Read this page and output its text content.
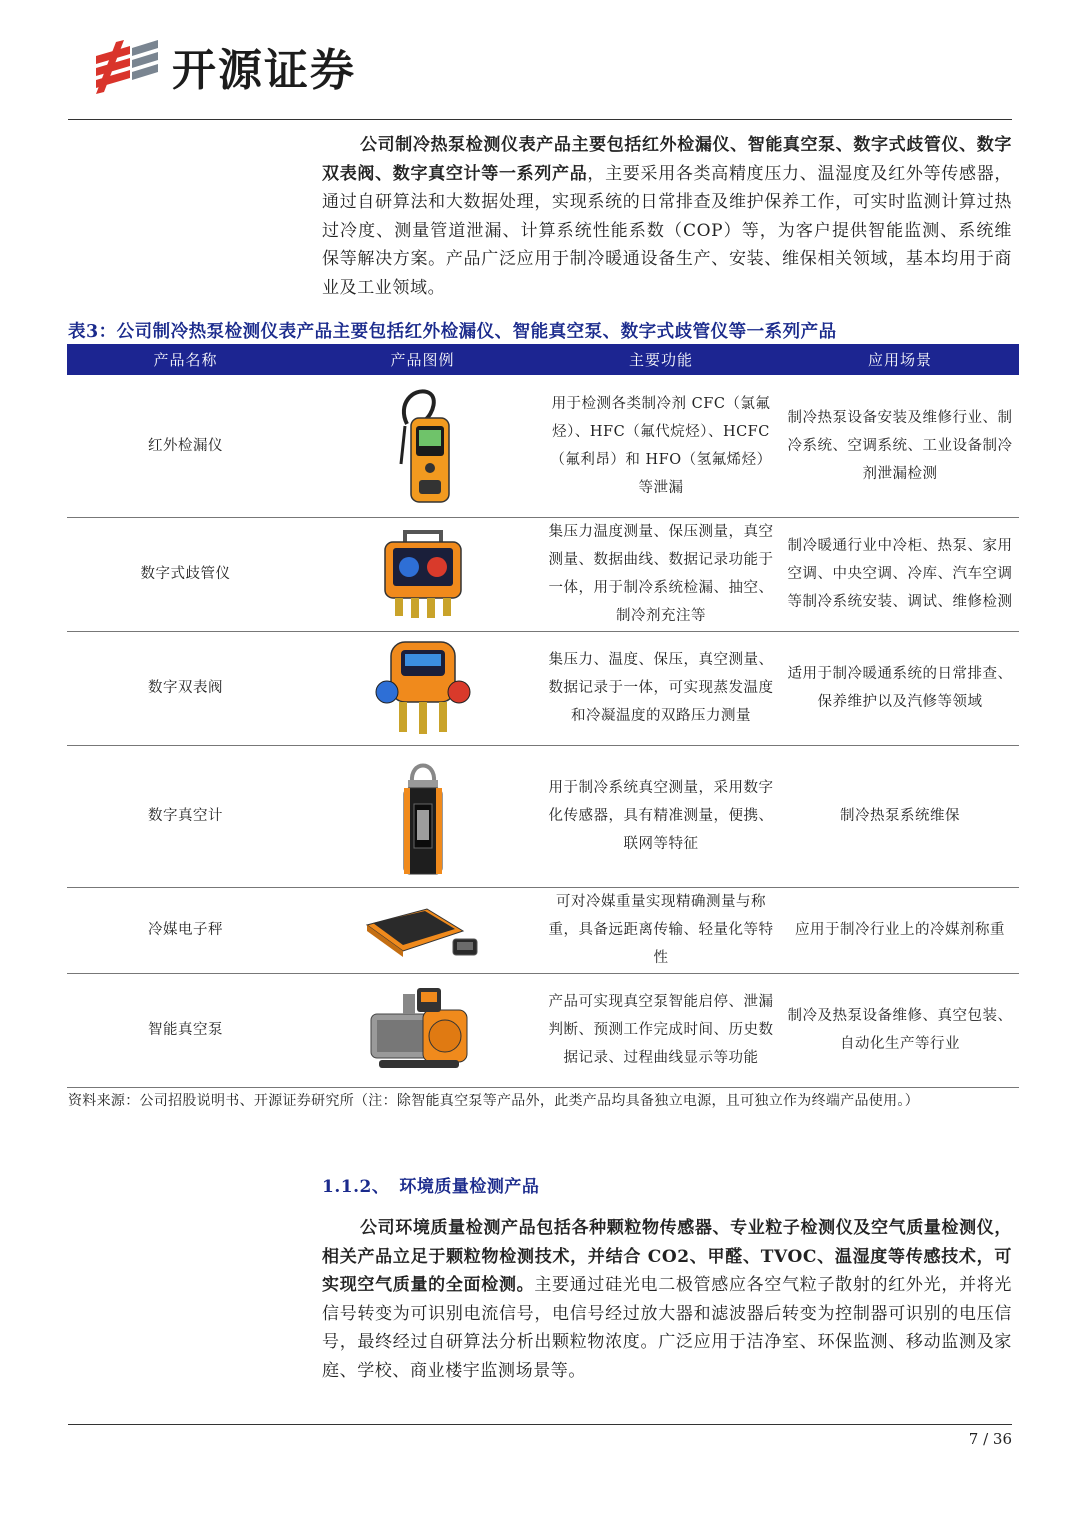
开源证券
公司制冷热泵检测仪表产品主要包括红外检漏仪、智能真空泵、数字式歧管仪、数字双表阀、数字真空计等一系列产品，主要采用各类高精度压力、温湿度及红外等传感器，通过自研算法和大数据处理，实现系统的日常排查及维护保养工作，可实时监测计算过热过冷度、测量管道泄漏、计算系统性能系数（COP）等，为客户提供智能监测、系统维保等解决方案。产品广泛应用于制冷暖通设备生产、安装、维保相关领域，基本均用于商业及工业领域。
表3：公司制冷热泵检测仪表产品主要包括红外检漏仪、智能真空泵、数字式歧管仪等一系列产品
产品名称	产品图例	主要功能	应用场景
红外检漏仪		用于检测各类制冷剂 CFC（氯氟烃）、HFC（氟代烷烃）、HCFC（氟利昂）和 HFO（氢氟烯烃）等泄漏	制冷热泵设备安装及维修行业、制冷系统、空调系统、工业设备制冷剂泄漏检测
数字式歧管仪		集压力温度测量、保压测量，真空测量、数据曲线、数据记录功能于一体，用于制冷系统检漏、抽空、制冷剂充注等	制冷暖通行业中冷柜、热泵、家用空调、中央空调、冷库、汽车空调等制冷系统安装、调试、维修检测
数字双表阀		集压力、温度、保压，真空测量、数据记录于一体，可实现蒸发温度和冷凝温度的双路压力测量	适用于制冷暖通系统的日常排查、保养维护以及汽修等领域
数字真空计		用于制冷系统真空测量，采用数字化传感器，具有精准测量，便携、联网等特征	制冷热泵系统维保
冷媒电子秤		可对冷媒重量实现精确测量与称重，具备远距离传输、轻量化等特性	应用于制冷行业上的冷媒剂称重
智能真空泵		产品可实现真空泵智能启停、泄漏判断、预测工作完成时间、历史数据记录、过程曲线显示等功能	制冷及热泵设备维修、真空包装、自动化生产等行业
资料来源：公司招股说明书、开源证券研究所（注：除智能真空泵等产品外，此类产品均具备独立电源，且可独立作为终端产品使用。）
1.1.2、 环境质量检测产品
公司环境质量检测产品包括各种颗粒物传感器、专业粒子检测仪及空气质量检测仪，相关产品立足于颗粒物检测技术，并结合 CO2、甲醛、TVOC、温湿度等传感技术，可实现空气质量的全面检测。主要通过硅光电二极管感应各空气粒子散射的红外光，并将光信号转变为可识别电流信号，电信号经过放大器和滤波器后转变为控制器可识别的电压信号，最终经过自研算法分析出颗粒物浓度。广泛应用于洁净室、环保监测、移动监测及家庭、学校、商业楼宇监测场景等。
7 / 36
